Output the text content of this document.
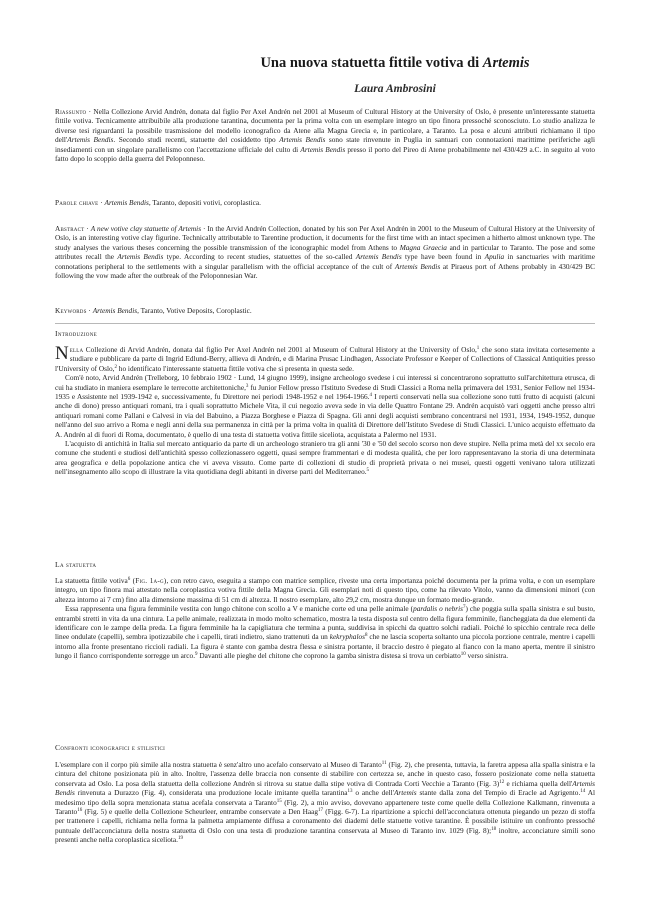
Una nuova statuetta fittile votiva di Artemis
Laura Ambrosini
Riassunto · Nella Collezione Arvid Andrén, donata dal figlio Per Axel Andrén nel 2001 al Museum of Cultural History at the University of Oslo, è presente un'interessante statuetta fittile votiva. Tecnicamente attribuibile alla produzione tarantina, documenta per la prima volta con un esemplare integro un tipo finora pressoché sconosciuto. Lo studio analizza le diverse tesi riguardanti la possibile trasmissione del modello iconografico da Atene alla Magna Grecia e, in particolare, a Taranto. La posa e alcuni attributi richiamano il tipo dell'Artemis Bendis. Secondo studi recenti, statuette del cosiddetto tipo Artemis Bendis sono state rinvenute in Puglia in santuari con connotazioni marittime periferiche agli insediamenti con un singolare parallelismo con l'accettazione ufficiale del culto di Artemis Bendis presso il porto del Pireo di Atene probabilmente nel 430/429 a.C. in seguito al voto fatto dopo lo scoppio della guerra del Peloponneso.
Parole chiave · Artemis Bendis, Taranto, depositi votivi, coroplastica.
Abstract · A new votive clay statuette of Artemis · In the Arvid Andrén Collection, donated by his son Per Axel Andrén in 2001 to the Museum of Cultural History at the University of Oslo, is an interesting votive clay figurine. Technically attributable to Tarentine production, it documents for the first time with an intact specimen a hitherto almost unknown type. The study analyses the various theses concerning the possible transmission of the iconographic model from Athens to Magna Graecia and in particular to Taranto. The pose and some attributes recall the Artemis Bendis type. According to recent studies, statuettes of the so-called Artemis Bendis type have been found in Apulia in sanctuaries with maritime connotations peripheral to the settlements with a singular parallelism with the official acceptance of the cult of Artemis Bendis at Piraeus port of Athens probably in 430/429 BC following the vow made after the outbreak of the Peloponnesian War.
Keywords · Artemis Bendis, Taranto, Votive Deposits, Coroplastic.
Introduzione

Nella Collezione di Arvid Andrén, donata dal figlio Per Axel Andrén nel 2001 al Museum of Cultural History at the University of Oslo,$^1$ che sono stata invitata cortesemente a studiare e pubblicare da parte di Ingrid Edlund-Berry, allieva di Andrén, e di Marina Prusac Lindhagen, Associate Professor e Keeper of Collections of Classical Antiquities presso l'University of Oslo,$^2$ ho identificato l'interessante statuetta fittile votiva che si presenta in questa sede.

Com'è noto, Arvid Andrén (Trelleborg, 10 febbraio 1902 · Lund, 14 giugno 1999), insigne archeologo svedese i cui interessi si concentrarono soprattutto sull'architettura etrusca, di cui ha studiato in maniera esemplare le terrecotte architettoniche,$^3$ fu Junior Fellow presso l'Istituto Svedese di Studi Classici a Roma nella primavera del 1931, Senior Fellow nel 1934-1935 e Assistente nel 1939-1942 e, successivamente, fu Direttore nei periodi 1948-1952 e nel 1964-1966.$^4$ I reperti conservati nella sua collezione sono tutti frutto di acquisti (alcuni anche di dono) presso antiquari romani, tra i quali soprattutto Michele Vita, il cui negozio aveva sede in via delle Quattro Fontane 29. Andrén acquistò vari oggetti anche presso altri antiquari romani come Pallani e Calvesi in via del Babuino, a Piazza Borghese e Piazza di Spagna. Gli anni degli acquisti sembrano concentrarsi nel 1931, 1934, 1949-1952, dunque nell'anno del suo arrivo a Roma e negli anni della sua permanenza in città per la prima volta in qualità di Direttore dell'Istituto Svedese di Studi Classici. L'unico acquisto effettuato da A. Andrén al di fuori di Roma, documentato, è quello di una testa di statuetta votiva fittile siceliota, acquistata a Palermo nel 1931.

L'acquisto di antichità in Italia sul mercato antiquario da parte di un archeologo straniero tra gli anni '30 e '50 del secolo scorso non deve stupire. Nella prima metà del xx secolo era comune che studenti e studiosi dell'antichità spesso collezionassero oggetti, quasi sempre frammentari e di modesta qualità, che per loro rappresentavano la storia di una determinata area geografica e della popolazione antica che vi aveva vissuto. Come parte di collezioni di studio di proprietà privata o nei musei, questi oggetti venivano talora utilizzati nell'insegnamento allo scopo di illustrare la vita quotidiana degli abitanti in diverse parti del Mediterraneo.$^5$

La statuetta

La statuetta fittile votiva$^6$ (Fig. 1a-g), con retro cavo, eseguita a stampo con matrice semplice, riveste una certa importanza poiché documenta per la prima volta, e con un esemplare integro, un tipo finora mai attestato nella coroplastica votiva fittile della Magna Grecia. Gli esemplari noti di questo tipo, come ha rilevato Vitolo, vanno da dimensioni minori (con altezza intorno ai 7 cm) fino alla dimensione massima di 51 cm di altezza. Il nostro esemplare, alto 29,2 cm, mostra dunque un formato medio-grande.

Essa rappresenta una figura femminile vestita con lungo chitone con scollo a V e maniche corte ed una pelle animale (pardalis o nebris$^7$) che poggia sulla spalla sinistra e sul busto, entrambi stretti in vita da una cintura. La pelle animale, realizzata in modo molto schematico, mostra la testa disposta sul centro della figura femminile, fiancheggiata da due elementi da identificare con le zampe della preda. La figura femminile ha la capigliatura che termina a punta, suddivisa in spicchi da quattro solchi radiali. Poiché lo spicchio centrale reca delle linee ondulate (capelli), sembra ipotizzabile che i capelli, tirati indietro, siano trattenuti da un kekryphalos$^8$ che ne lascia scoperta soltanto una piccola porzione centrale, mentre i capelli intorno alla fronte presentano riccioli radiali. La figura è stante con gamba destra flessa e sinistra portante, il braccio destro è piegato al fianco con la mano aperta, mentre il sinistro lungo il fianco corrispondente sorregge un arco.$^9$ Davanti alle pieghe del chitone che coprono la gamba sinistra distesa si trova un cerbiatto$^{10}$ verso sinistra.

Confronti iconografici e stilistici

L'esemplare con il corpo più simile alla nostra statuetta è senz'altro uno acefalo conservato al Museo di Taranto$^{11}$ (Fig. 2), che presenta, tuttavia, la faretra appesa alla spalla sinistra e la cintura del chitone posizionata più in alto. Inoltre, l'assenza delle braccia non consente di stabilire con certezza se, anche in questo caso, fossero posizionate come nella statuetta conservata ad Oslo. La posa della statuetta della collezione Andrén si ritrova su statue dalla stipe votiva di Contrada Corti Vecchie a Taranto (Fig. 3)$^{12}$ e richiama quella dell'Artemis Bendis rinvenuta a Durazzo (Fig. 4), considerata una produzione locale imitante quella tarantina$^{13}$ o anche dell'Artemis stante dalla zona del Tempio di Eracle ad Agrigento.$^{14}$ Al medesimo tipo della sopra menzionata statua acefala conservata a Taranto$^{15}$ (Fig. 2), a mio avviso, dovevano appartenere teste come quelle della Collezione Kalkmann, rinvenuta a Taranto$^{16}$ (Fig. 5) e quelle della Collezione Scheurleer, entrambe conservate a Den Haag$^{17}$ (Figg. 6-7). La ripartizione a spicchi dell'acconciatura ottenuta piegando un pezzo di stoffa per trattenere i capelli, richiama nella forma la palmetta ampiamente diffusa a coronamento dei diademi delle statuette votive tarantine. È possibile istituire un confronto pressoché puntuale dell'acconciatura della nostra statuetta di Oslo con una testa di produzione tarantina conservata al Museo di Taranto inv. 1029 (Fig. 8);$^{18}$ inoltre, acconciature simili sono presenti anche nella coroplastica siceliota.$^{19}$
